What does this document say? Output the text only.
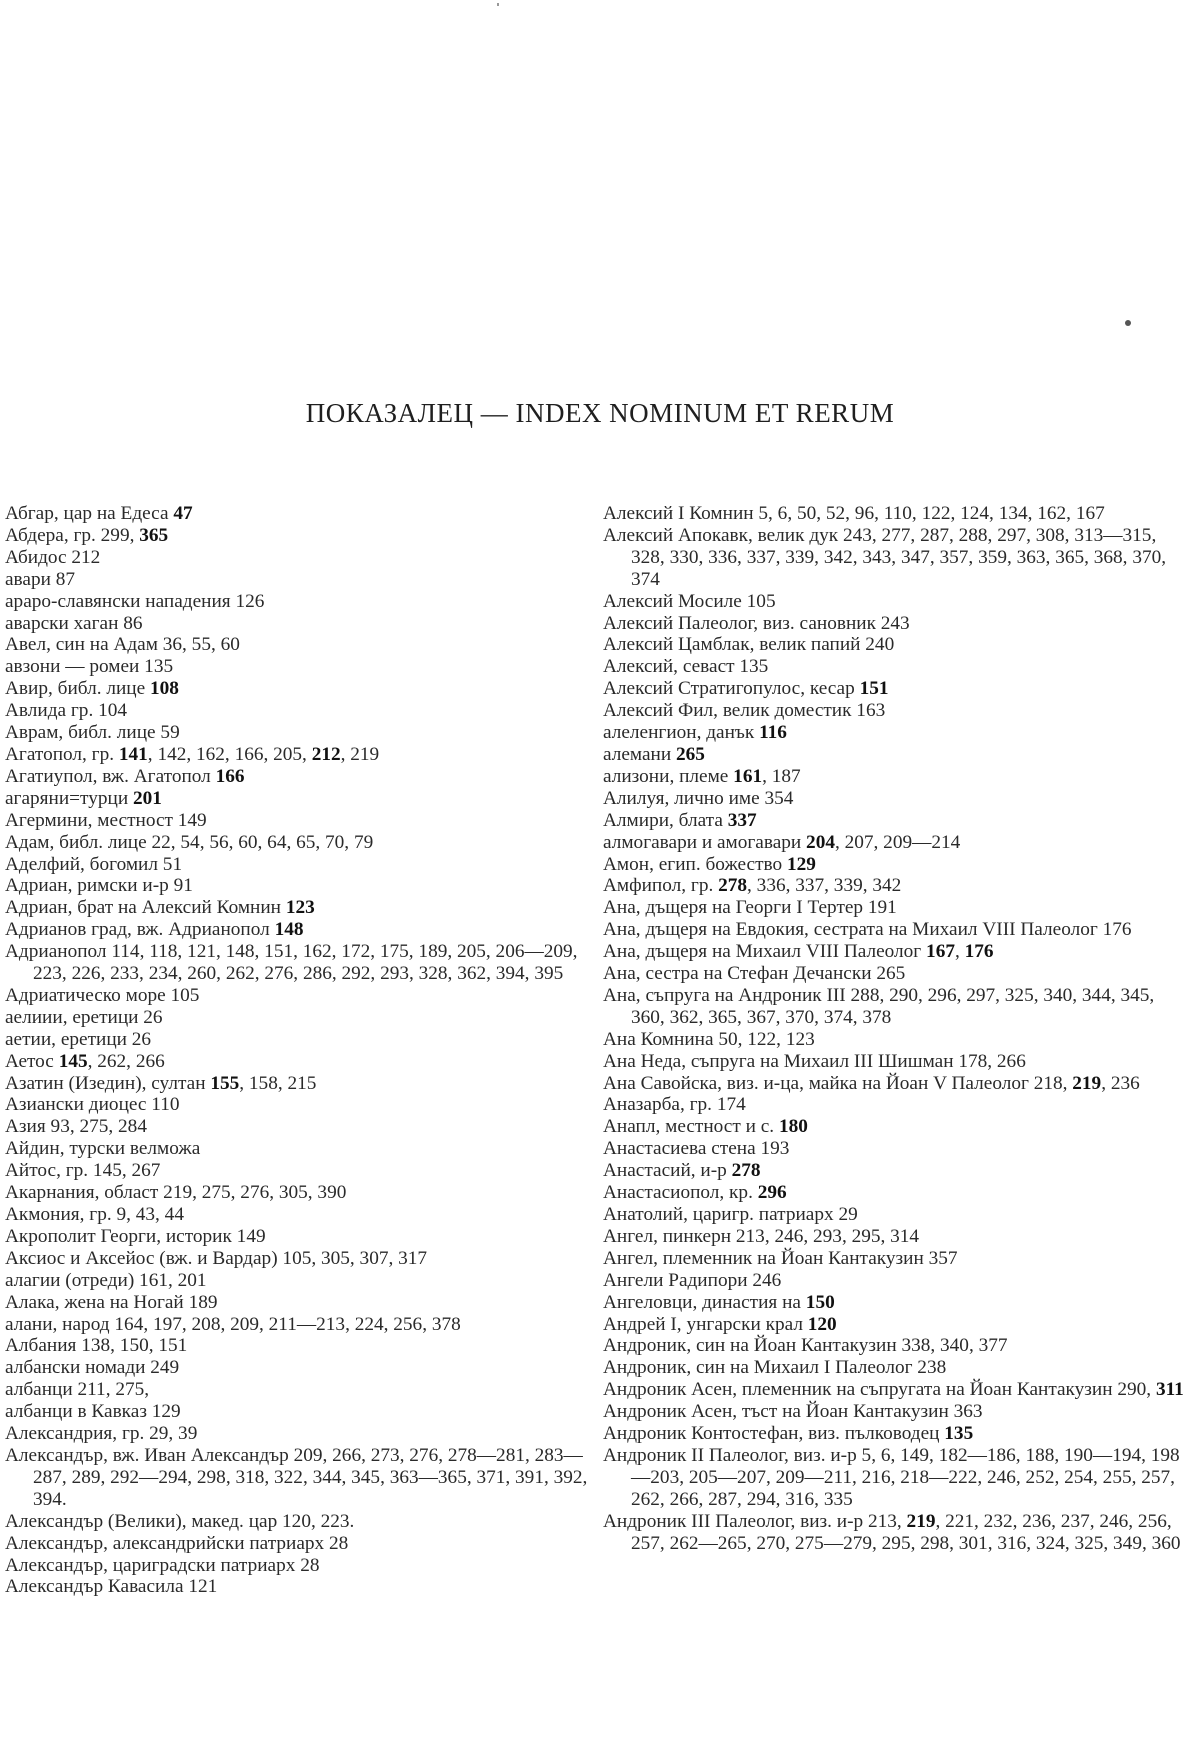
ПОКАЗАЛЕЦ — INDEX NOMINUM ET RERUM

Абгар, цар на Едеса 47

Абдера, гр. 299, 365

Абидос 212

авари 87

араро-славянски нападения 126

аварски хаган 86

Авел, син на Адам 36, 55, 60

авзони — ромеи 135

Авир, библ. лице 108

Авлида гр. 104

Аврам, библ. лице 59

Агатопол, гр. 141, 142, 162, 166, 205, 212, 219

Агатиупол, вж. Агатопол 166

агаряни=турци 201

Агермини, местност 149

Адам, библ. лице 22, 54, 56, 60, 64, 65, 70, 79

Аделфий, богомил 51

Адриан, римски и-р 91

Адриан, брат на Алексий Комнин 123

Адрианов град, вж. Адрианопол 148

Адрианопол 114, 118, 121, 148, 151, 162, 172, 175, 189, 205, 206—209, 223, 226, 233, 234, 260, 262, 276, 286, 292, 293, 328, 362, 394, 395

Адриатическо море 105

аелиии, еретици 26

аетии, еретици 26

Аетос 145, 262, 266

Азатин (Изедин), султан 155, 158, 215

Азиански диоцес 110

Азия 93, 275, 284

Айдин, турски велможа

Айтос, гр. 145, 267

Акарнания, област 219, 275, 276, 305, 390

Акмония, гр. 9, 43, 44

Акрополит Георги, историк 149

Аксиос и Аксейос (вж. и Вардар) 105, 305, 307, 317

алагии (отреди) 161, 201

Алака, жена на Ногай 189

алани, народ 164, 197, 208, 209, 211—213, 224, 256, 378

Албания 138, 150, 151

албански номади 249

албанци 211, 275,

албанци в Кавказ 129

Александрия, гр. 29, 39

Александър, вж. Иван Александър 209, 266, 273, 276, 278—281, 283—287, 289, 292—294, 298, 318, 322, 344, 345, 363—365, 371, 391, 392, 394.

Александър (Велики), макед. цар 120, 223.

Александър, александрийски патриарх 28

Александър, цариградски патриарх 28

Александър Кавасила 121

Алексий I Комнин 5, 6, 50, 52, 96, 110, 122, 124, 134, 162, 167

Алексий Апокавк, велик дук 243, 277, 287, 288, 297, 308, 313—315, 328, 330, 336, 337, 339, 342, 343, 347, 357, 359, 363, 365, 368, 370, 374

Алексий Мосиле 105

Алексий Палеолог, виз. сановник 243

Алексий Цамблак, велик папий 240

Алексий, севаст 135

Алексий Стратигопулос, кесар 151

Алексий Фил, велик доместик 163

алеленгион, данък 116

алемани 265

ализони, племе 161, 187

Алилуя, лично име 354

Алмири, блата 337

алмогавари и амогавари 204, 207, 209—214

Амон, егип. божество 129

Амфипол, гр. 278, 336, 337, 339, 342

Ана, дъщеря на Георги I Тертер 191

Ана, дъщеря на Евдокия, сестрата на Михаил VIII Палеолог 176

Ана, дъщеря на Михаил VIII Палеолог 167, 176

Ана, сестра на Стефан Дечански 265

Ана, съпруга на Андроник III 288, 290, 296, 297, 325, 340, 344, 345, 360, 362, 365, 367, 370, 374, 378

Ана Комнина 50, 122, 123

Ана Неда, съпруга на Михаил III Шишман 178, 266

Ана Савойска, виз. и-ца, майка на Йоан V Палеолог 218, 219, 236

Аназарба, гр. 174

Анапл, местност и с. 180

Анастасиева стена 193

Анастасий, и-р 278

Анастасиопол, кр. 296

Анатолий, царигр. патриарх 29

Ангел, пинкерн 213, 246, 293, 295, 314

Ангел, племенник на Йоан Кантакузин 357

Ангели Радипори 246

Ангеловци, династия на 150

Андрей I, унгарски крал 120

Андроник, син на Йоан Кантакузин 338, 340, 377

Андроник, син на Михаил I Палеолог 238

Андроник Асен, племенник на съпругата на Йоан Кантакузин 290, 311

Андроник Асен, тъст на Йоан Кантакузин 363

Андроник Контостефан, виз. пълководец 135

Андроник II Палеолог, виз. и-р 5, 6, 149, 182—186, 188, 190—194, 198—203, 205—207, 209—211, 216, 218—222, 246, 252, 254, 255, 257, 262, 266, 287, 294, 316, 335

Андроник III Палеолог, виз. и-р 213, 219, 221, 232, 236, 237, 246, 256, 257, 262—265, 270, 275—279, 295, 298, 301, 316, 324, 325, 349, 360
